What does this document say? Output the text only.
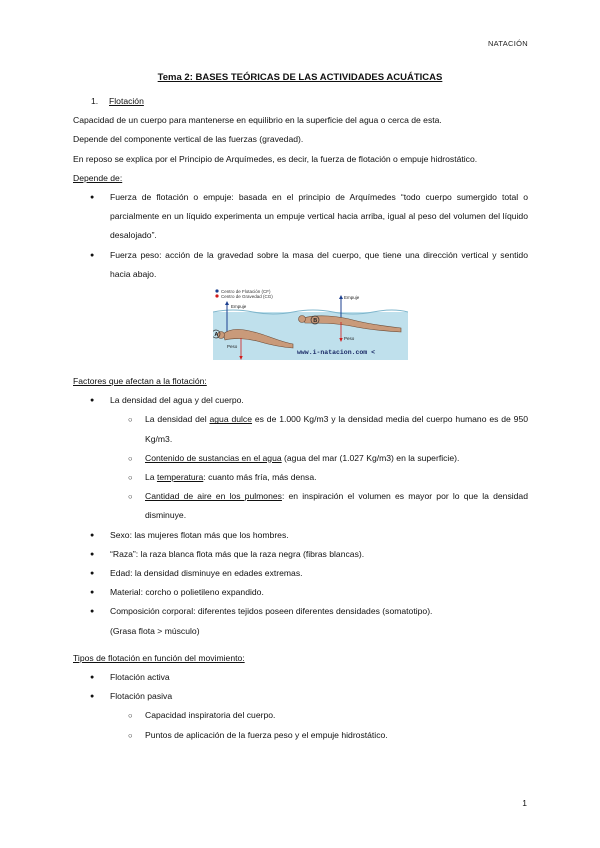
NATACIÓN
Tema 2: BASES TEÓRICAS DE LAS ACTIVIDADES ACUÁTICAS

1. Flotación

Capacidad de un cuerpo para mantenerse en equilibrio en la superficie del agua o cerca de esta.

Depende del componente vertical de las fuerzas (gravedad).

En reposo se explica por el Principio de Arquímedes, es decir, la fuerza de flotación o empuje hidrostático.

Depende de:

● Fuerza de flotación o empuje: basada en el principio de Arquímedes “todo cuerpo sumergido total o parcialmente en un líquido experimenta un empuje vertical hacia arriba, igual al peso del volumen del líquido desalojado”.
● Fuerza peso: acción de la gravedad sobre la masa del cuerpo, que tiene una dirección vertical y sentido hacia abajo.
Centro de Flotación (CF)
Centro de Gravedad (CG)
Empuje
A
Peso
Empuje
B
Peso
www.i-natacion.com <

Factores que afectan a la flotación:

● La densidad del agua y del cuerpo.
○ La densidad del agua dulce es de 1.000 Kg/m3 y la densidad media del cuerpo humano es de 950 Kg/m3.
○ Contenido de sustancias en el agua (agua del mar (1.027 Kg/m3) en la superficie).
○ La temperatura: cuanto más fría, más densa.
○ Cantidad de aire en los pulmones: en inspiración el volumen es mayor por lo que la densidad disminuye.
● Sexo: las mujeres flotan más que los hombres.
● “Raza”: la raza blanca flota más que la raza negra (fibras blancas).
● Edad: la densidad disminuye en edades extremas.
● Material: corcho o polietileno expandido.
● Composición corporal: diferentes tejidos poseen diferentes densidades (somatotipo).
(Grasa flota > músculo)

Tipos de flotación en función del movimiento:

● Flotación activa
● Flotación pasiva
○ Capacidad inspiratoria del cuerpo.
○ Puntos de aplicación de la fuerza peso y el empuje hidrostático.
1
